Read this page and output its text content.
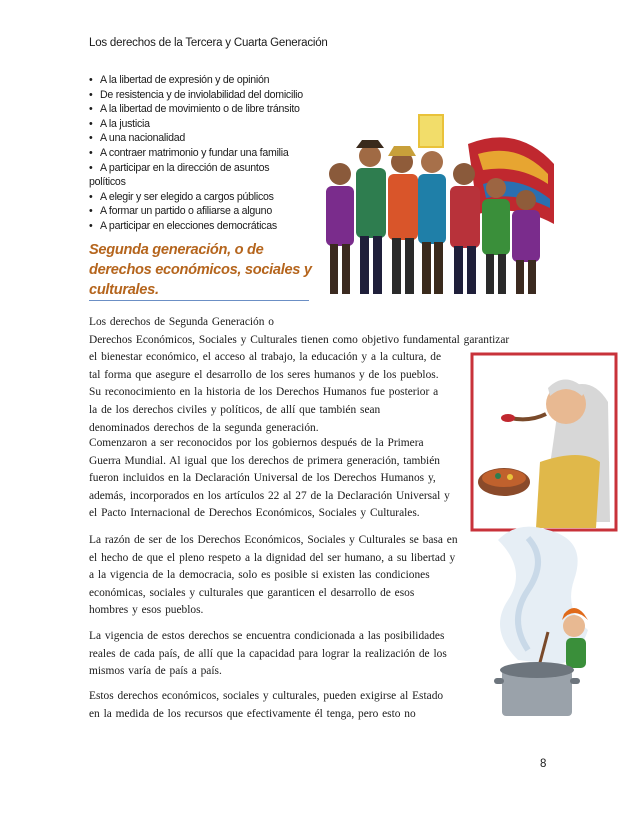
Los derechos de la Tercera y Cuarta Generación
• A la libertad de expresión y de opinión
• De resistencia y de inviolabilidad del domicilio
• A la libertad de movimiento o de libre tránsito
• A la justicia
• A una nacionalidad
• A contraer matrimonio y fundar una familia
• A participar en la dirección de asuntos
políticos
• A elegir y ser elegido a cargos públicos
• A formar un partido o afiliarse a alguno
• A participar en elecciones democráticas
Segunda generación, o de
derechos económicos, sociales y
culturales.

Los derechos de Segunda Generación o
Derechos Económicos, Sociales y Culturales tienen como objetivo fundamental garantizar
el bienestar económico, el acceso al trabajo, la educación y a la cultura, de
tal forma que asegure el desarrollo de los seres humanos y de los pueblos.
Su reconocimiento en la historia de los Derechos Humanos fue posterior a
la de los derechos civiles y políticos, de allí que también sean
denominados derechos de la segunda generación.

Comenzaron a ser reconocidos por los gobiernos después de la Primera
Guerra Mundial. Al igual que los derechos de primera generación, también
fueron incluidos en la Declaración Universal de los Derechos Humanos y,
además, incorporados en los artículos 22 al 27 de la Declaración Universal y
el Pacto Internacional de Derechos Económicos, Sociales y Culturales.

La razón de ser de los Derechos Económicos, Sociales y Culturales se basa en
el hecho de que el pleno respeto a la dignidad del ser humano, a su libertad y
a la vigencia de la democracia, solo es posible si existen las condiciones
económicas, sociales y culturales que garanticen el desarrollo de esos
hombres y esos pueblos.

La vigencia de estos derechos se encuentra condicionada a las posibilidades
reales de cada país, de allí que la capacidad para lograr la realización de los
mismos varía de país a país.

Estos derechos económicos, sociales y culturales, pueden exigirse al Estado
en la medida de los recursos que efectivamente él tenga, pero esto no

8
